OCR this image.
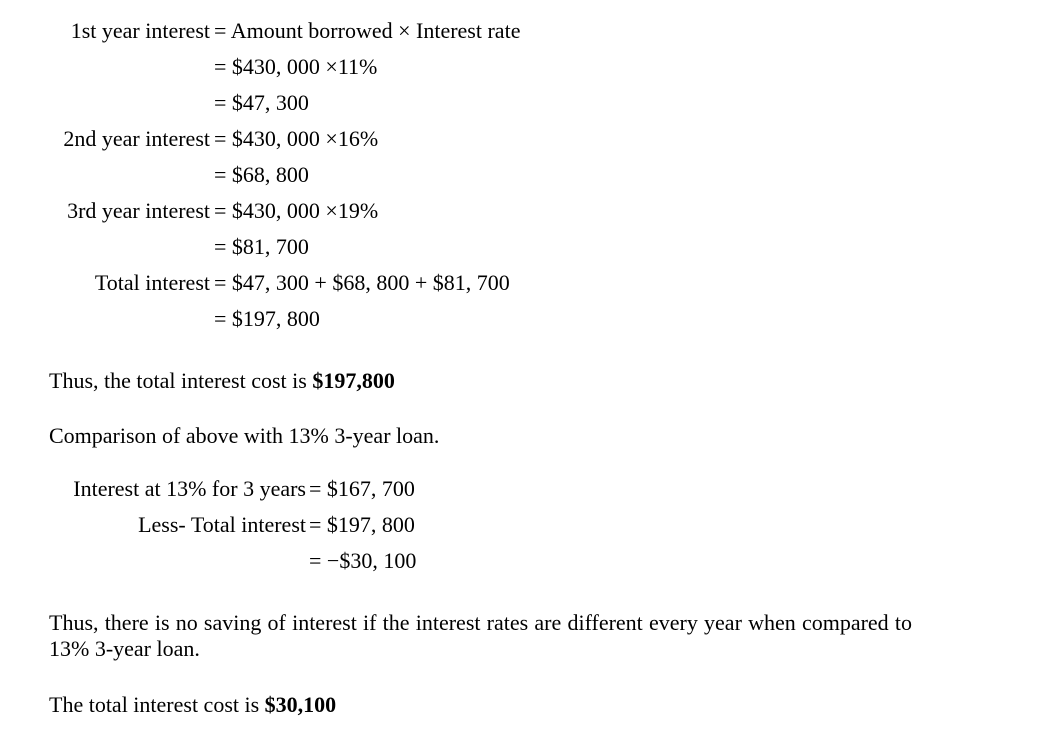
1st year interest = Amount borrowed × Interest rate
= $430, 000 ×11%
= $47, 300
2nd year interest = $430, 000 ×16%
= $68, 800
3rd year interest = $430, 000 ×19%
= $81, 700
Total interest = $47, 300 + $68, 800 + $81, 700
= $197, 800
Thus, the total interest cost is $197,800
Comparison of above with 13% 3-year loan.
Interest at 13% for 3 years = $167, 700
Less- Total interest = $197, 800
= −$30, 100
Thus, there is no saving of interest if the interest rates are different every year when compared to 13% 3-year loan.
The total interest cost is $30,100
